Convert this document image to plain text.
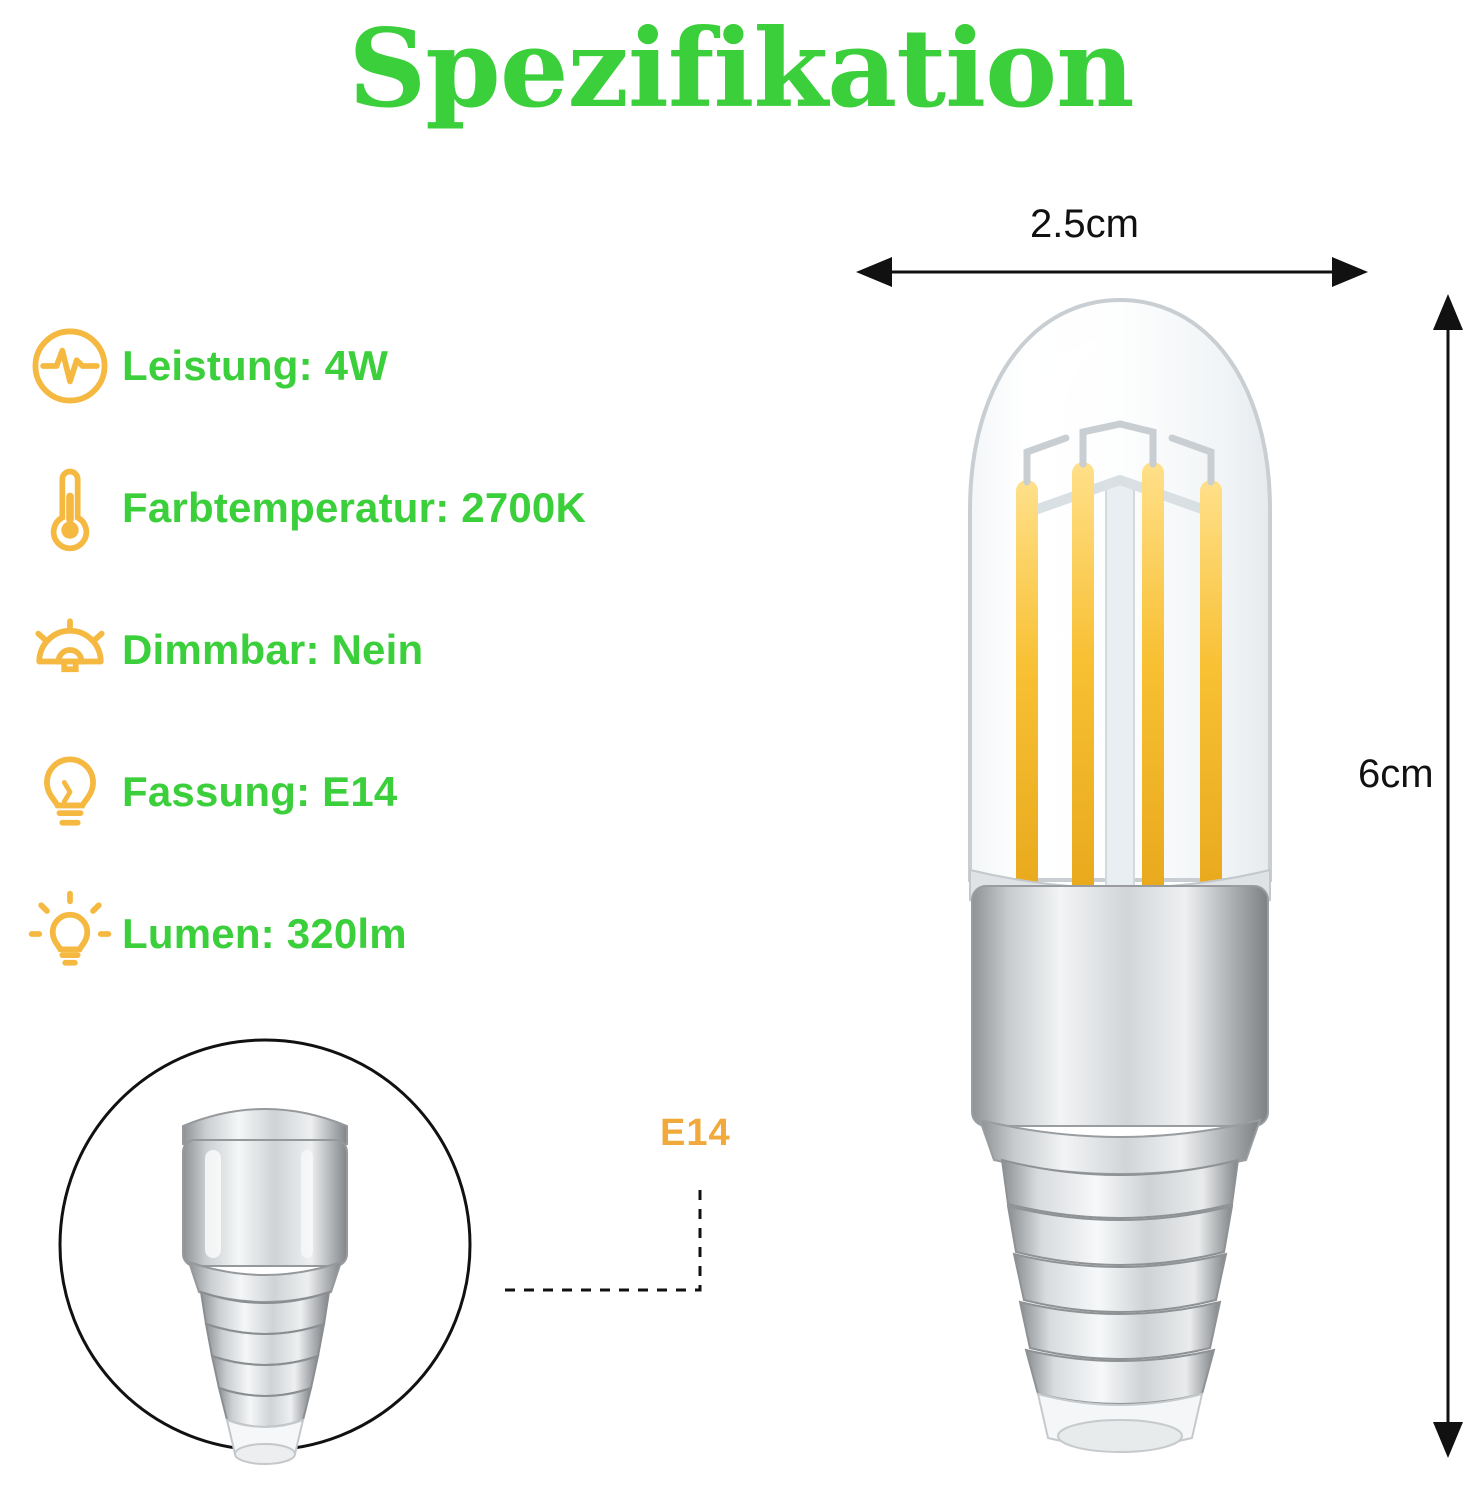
Spezifikation
Leistung: 4W
Farbtemperatur: 2700K
Dimmbar: Nein
Fassung: E14
Lumen: 320lm
2.5cm
6cm
E14
